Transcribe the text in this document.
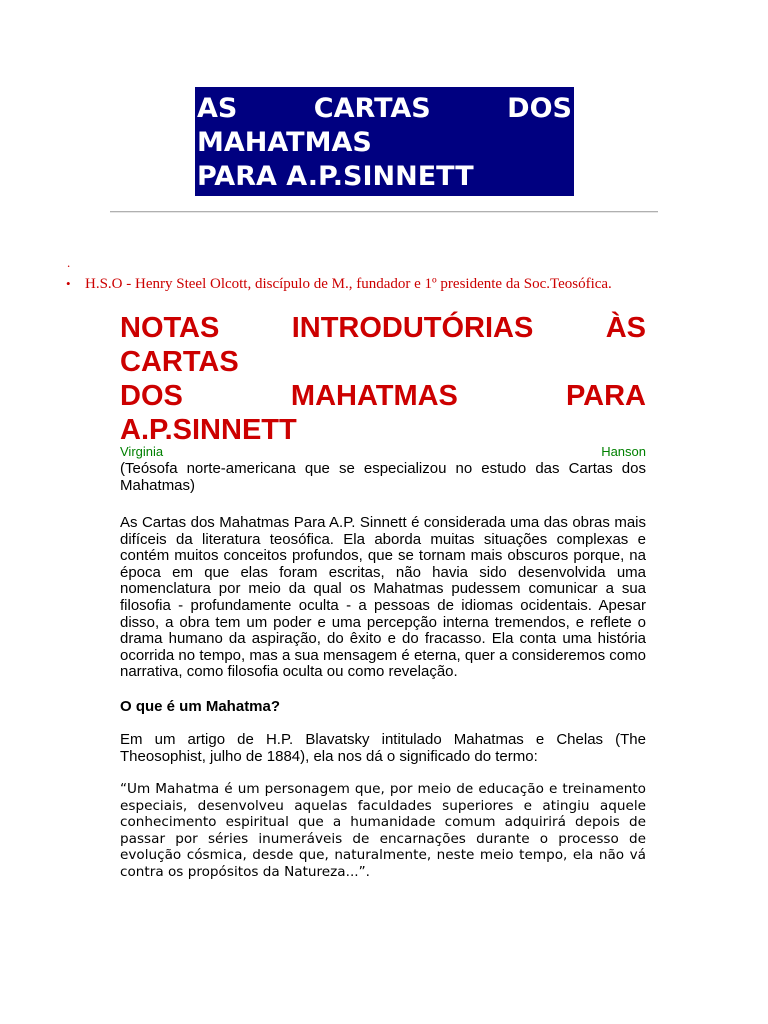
AS	CARTAS	DOS
MAHATMAS
PARA A.P.SINNETT
.
• H.S.O - Henry Steel Olcott, discípulo de M., fundador e 1º presidente da Soc.Teosófica.
NOTAS INTRODUTÓRIAS ÀS
CARTAS
DOS	MAHATMAS	PARA
A.P.SINNETT
Virginia	Hanson
(Teósofa norte-americana que se especializou no estudo das Cartas dos Mahatmas)
As Cartas dos Mahatmas Para A.P. Sinnett é considerada uma das obras mais difíceis da literatura teosófica. Ela aborda muitas situações complexas e contém muitos conceitos profundos, que se tornam mais obscuros porque, na época em que elas foram escritas, não havia sido desenvolvida uma nomenclatura por meio da qual os Mahatmas pudessem comunicar a sua filosofia - profundamente oculta - a pessoas de idiomas ocidentais. Apesar disso, a obra tem um poder e uma percepção interna tremendos, e reflete o drama humano da aspiração, do êxito e do fracasso. Ela conta uma história ocorrida no tempo, mas a sua mensagem é eterna, quer a consideremos como narrativa, como filosofia oculta ou como revelação.
O que é um Mahatma?
Em um artigo de H.P. Blavatsky intitulado Mahatmas e Chelas (The Theosophist, julho de 1884), ela nos dá o significado do termo:
“Um Mahatma é um personagem que, por meio de educação e treinamento especiais, desenvolveu aquelas faculdades superiores e atingiu aquele conhecimento espiritual que a humanidade comum adquirirá depois de passar por séries inumeráveis de encarnações durante o processo de evolução cósmica, desde que, naturalmente, neste meio tempo, ela não vá contra os propósitos da Natureza...”.
